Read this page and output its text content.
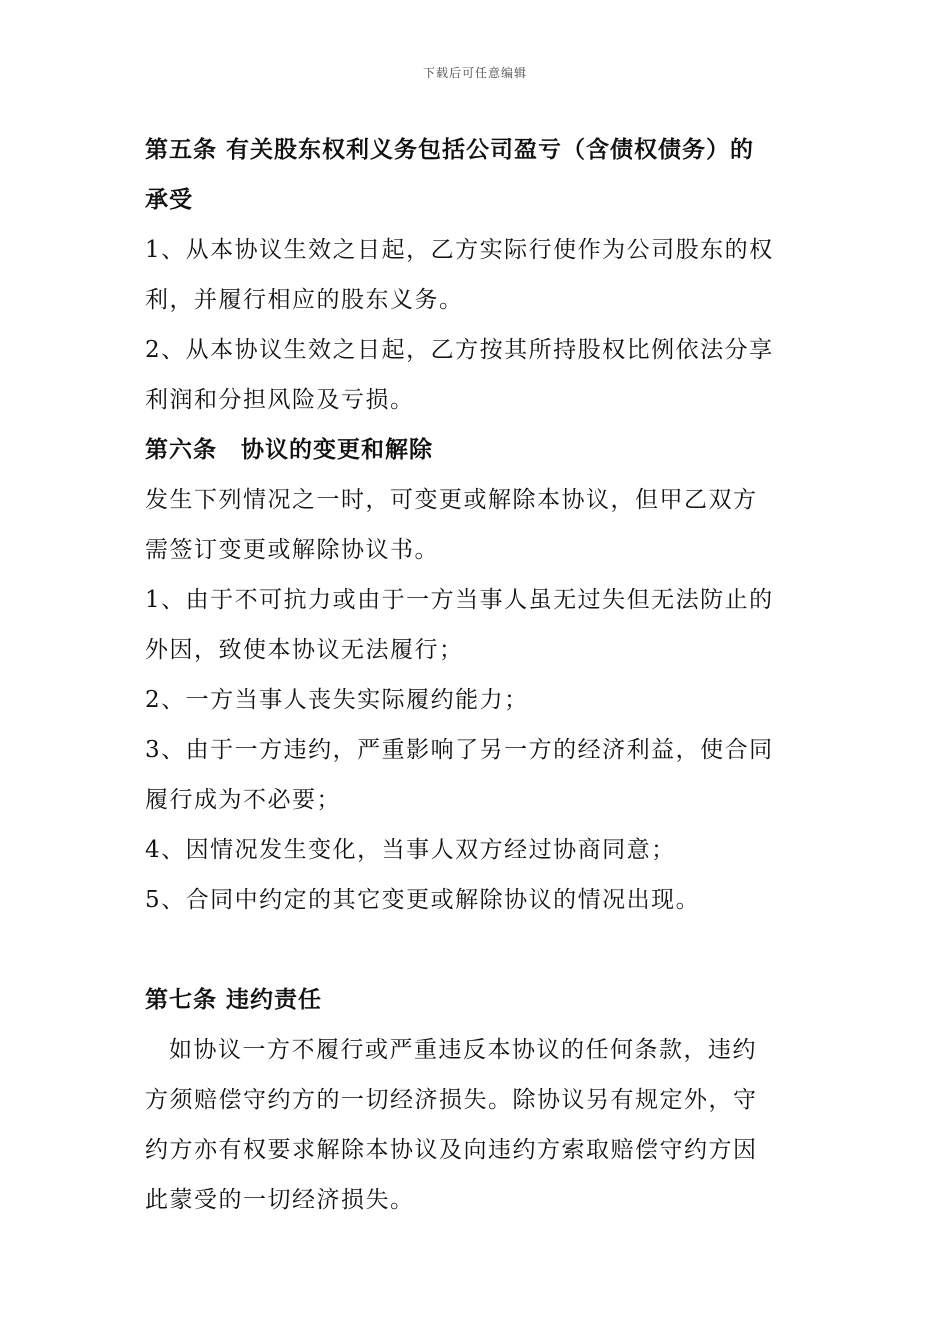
下载后可任意编辑
第五条 有关股东权利义务包括公司盈亏（含债权债务）的
承受
1、从本协议生效之日起，乙方实际行使作为公司股东的权
利，并履行相应的股东义务。
2、从本协议生效之日起，乙方按其所持股权比例依法分享
利润和分担风险及亏损。
第六条　协议的变更和解除
发生下列情况之一时，可变更或解除本协议，但甲乙双方
需签订变更或解除协议书。
1、由于不可抗力或由于一方当事人虽无过失但无法防止的
外因，致使本协议无法履行；
2、一方当事人丧失实际履约能力；
3、由于一方违约，严重影响了另一方的经济利益，使合同
履行成为不必要；
4、因情况发生变化，当事人双方经过协商同意；
5、合同中约定的其它变更或解除协议的情况出现。
第七条 违约责任
如协议一方不履行或严重违反本协议的任何条款，违约
方须赔偿守约方的一切经济损失。除协议另有规定外，守
约方亦有权要求解除本协议及向违约方索取赔偿守约方因
此蒙受的一切经济损失。
